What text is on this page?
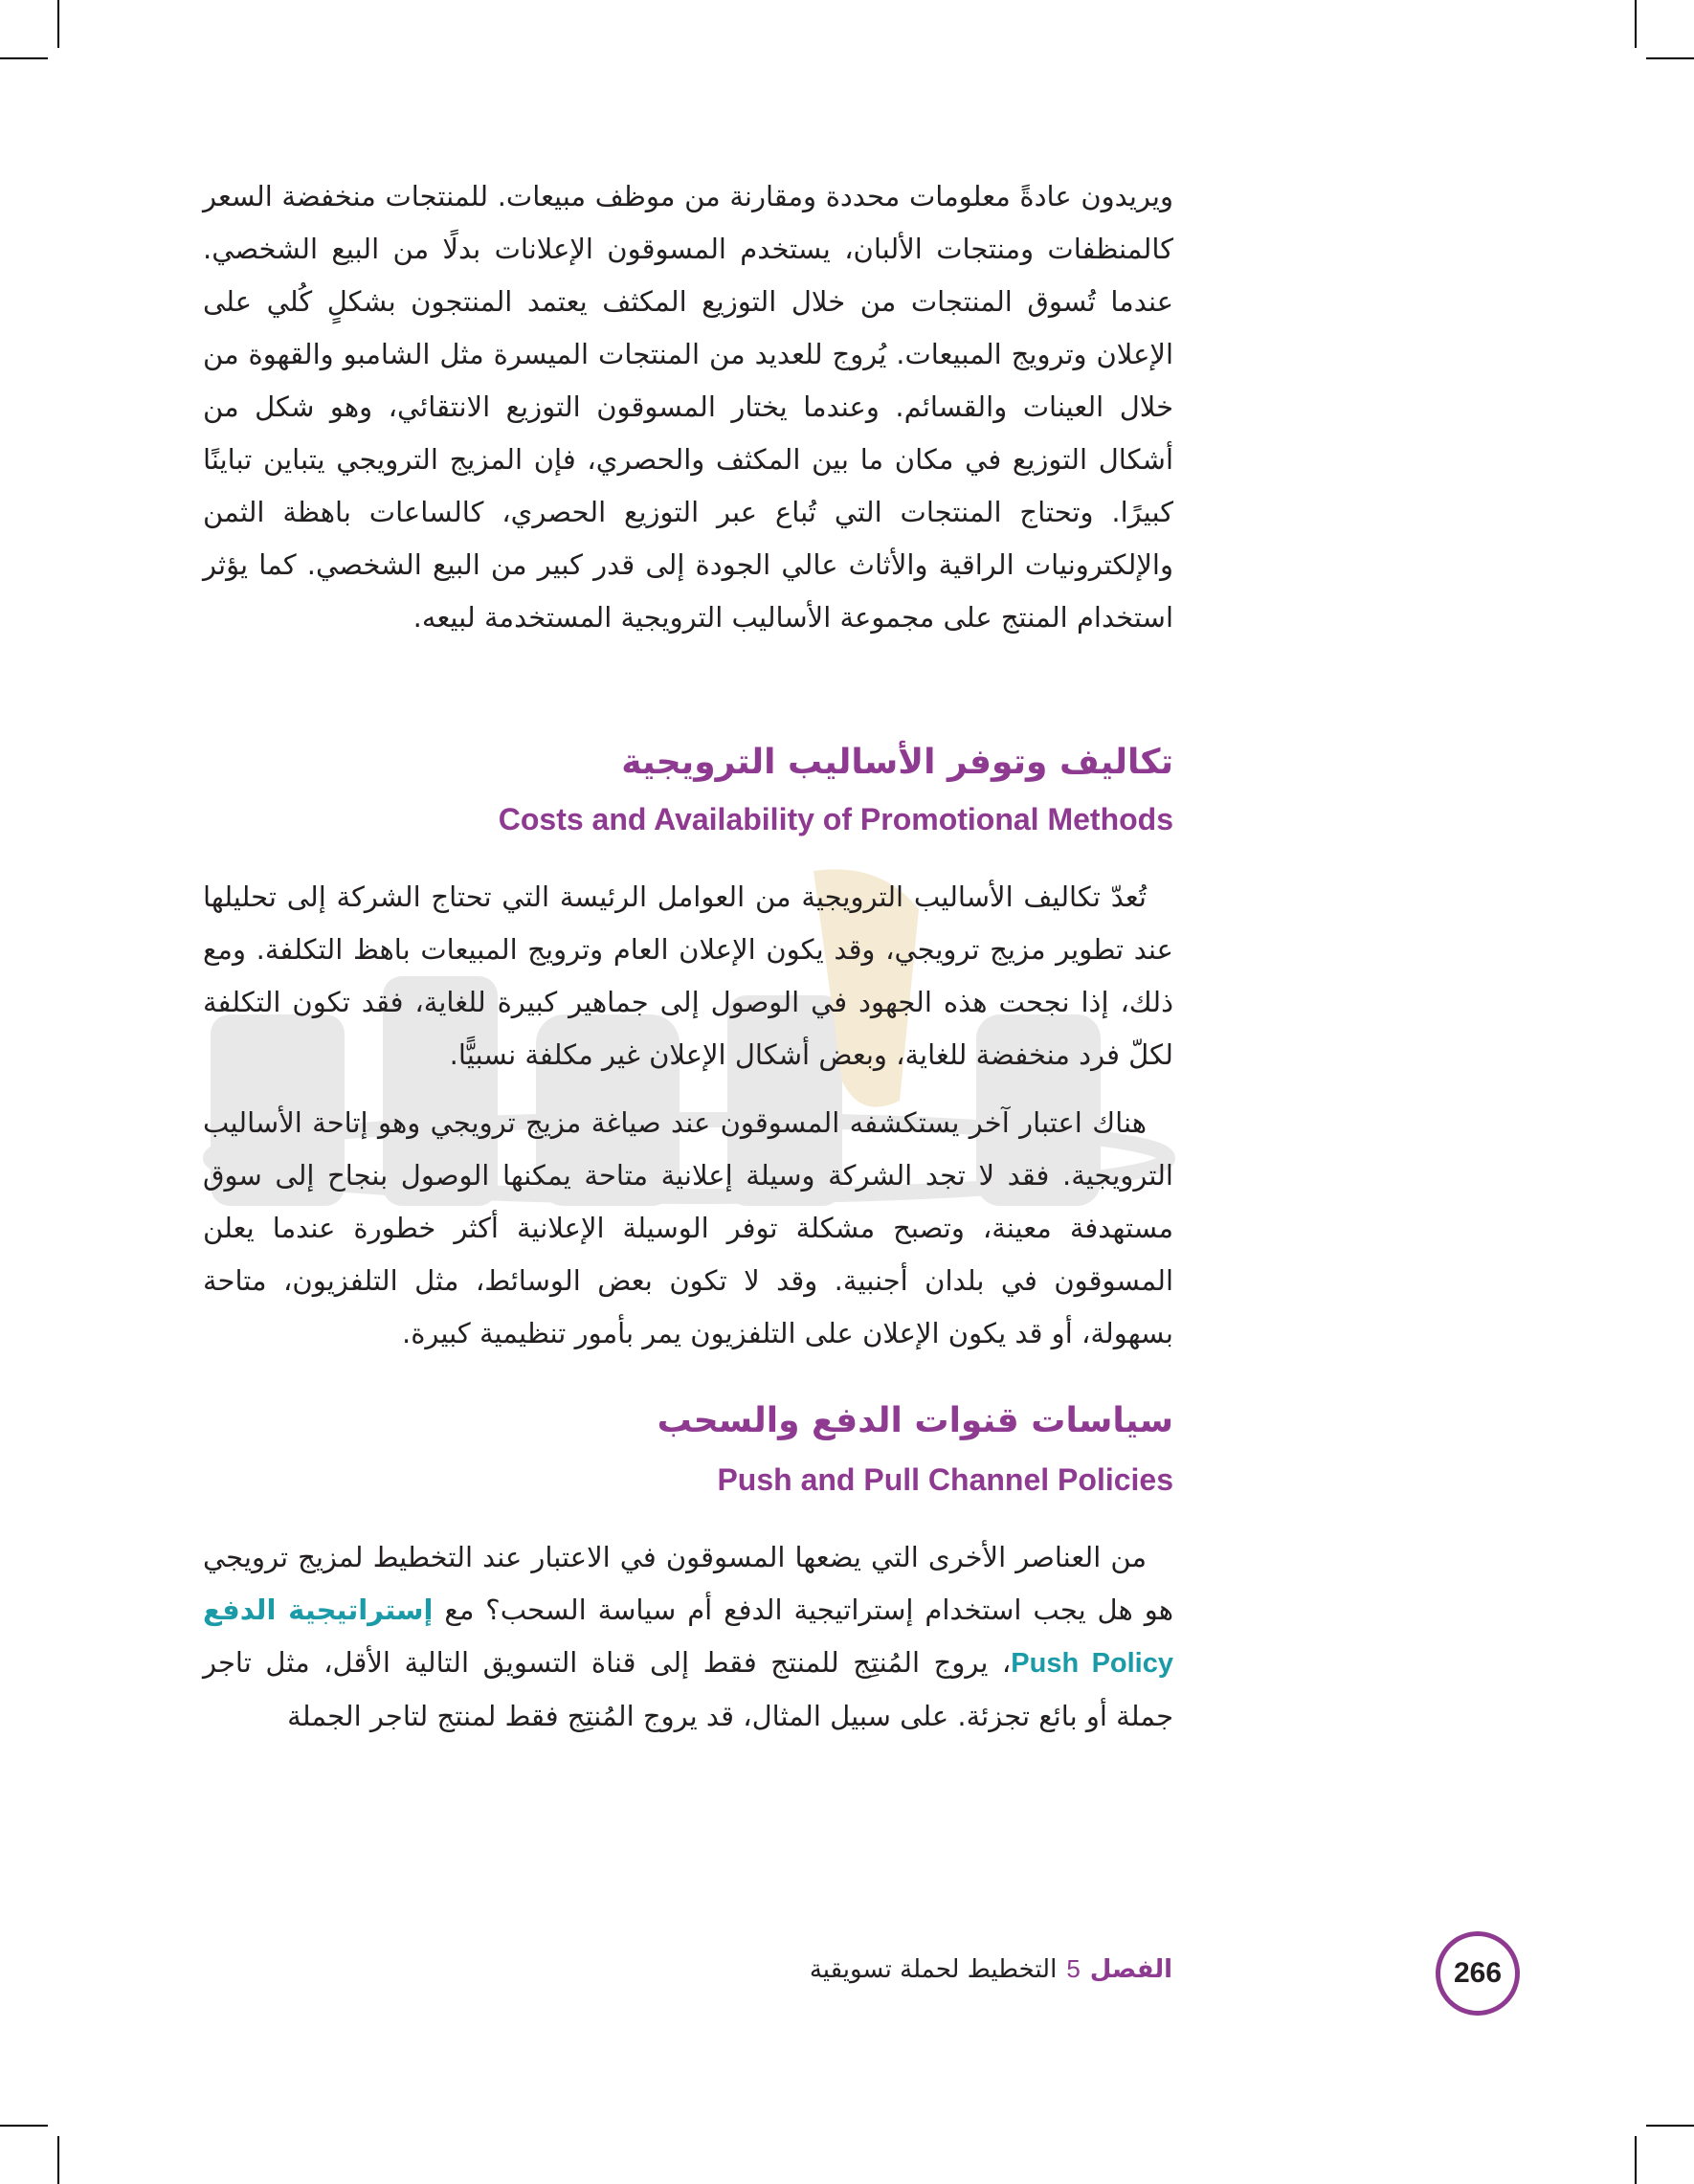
ويريدون عادةً معلومات محددة ومقارنة من موظف مبيعات. للمنتجات منخفضة السعر كالمنظفات ومنتجات الألبان، يستخدم المسوقون الإعلانات بدلًا من البيع الشخصي. عندما تُسوق المنتجات من خلال التوزيع المكثف يعتمد المنتجون بشكلٍ كُلي على الإعلان وترويج المبيعات. يُروج للعديد من المنتجات الميسرة مثل الشامبو والقهوة من خلال العينات والقسائم. وعندما يختار المسوقون التوزيع الانتقائي، وهو شكل من أشكال التوزيع في مكان ما بين المكثف والحصري، فإن المزيج الترويجي يتباين تباينًا كبيرًا. وتحتاج المنتجات التي تُباع عبر التوزيع الحصري، كالساعات باهظة الثمن والإلكترونيات الراقية والأثاث عالي الجودة إلى قدر كبير من البيع الشخصي. كما يؤثر استخدام المنتج على مجموعة الأساليب الترويجية المستخدمة لبيعه.

تكاليف وتوفر الأساليب الترويجية
Costs and Availability of Promotional Methods

تُعدّ تكاليف الأساليب الترويجية من العوامل الرئيسة التي تحتاج الشركة إلى تحليلها عند تطوير مزيج ترويجي، وقد يكون الإعلان العام وترويج المبيعات باهظ التكلفة. ومع ذلك، إذا نجحت هذه الجهود في الوصول إلى جماهير كبيرة للغاية، فقد تكون التكلفة لكلّ فرد منخفضة للغاية، وبعض أشكال الإعلان غير مكلفة نسبيًّا.

هناك اعتبار آخر يستكشفه المسوقون عند صياغة مزيج ترويجي وهو إتاحة الأساليب الترويجية. فقد لا تجد الشركة وسيلة إعلانية متاحة يمكنها الوصول بنجاح إلى سوق مستهدفة معينة، وتصبح مشكلة توفر الوسيلة الإعلانية أكثر خطورة عندما يعلن المسوقون في بلدان أجنبية. وقد لا تكون بعض الوسائط، مثل التلفزيون، متاحة بسهولة، أو قد يكون الإعلان على التلفزيون يمر بأمور تنظيمية كبيرة.

سياسات قنوات الدفع والسحب
Push and Pull Channel Policies

من العناصر الأخرى التي يضعها المسوقون في الاعتبار عند التخطيط لمزيج ترويجي هو هل يجب استخدام إستراتيجية الدفع أم سياسة السحب؟ مع إستراتيجية الدفع Push Policy، يروج المُنتِج للمنتج فقط إلى قناة التسويق التالية الأقل، مثل تاجر جملة أو بائع تجزئة. على سبيل المثال، قد يروج المُنتِج فقط لمنتج لتاجر الجملة

الفصل5التخطيط لحملة تسويقية	266
